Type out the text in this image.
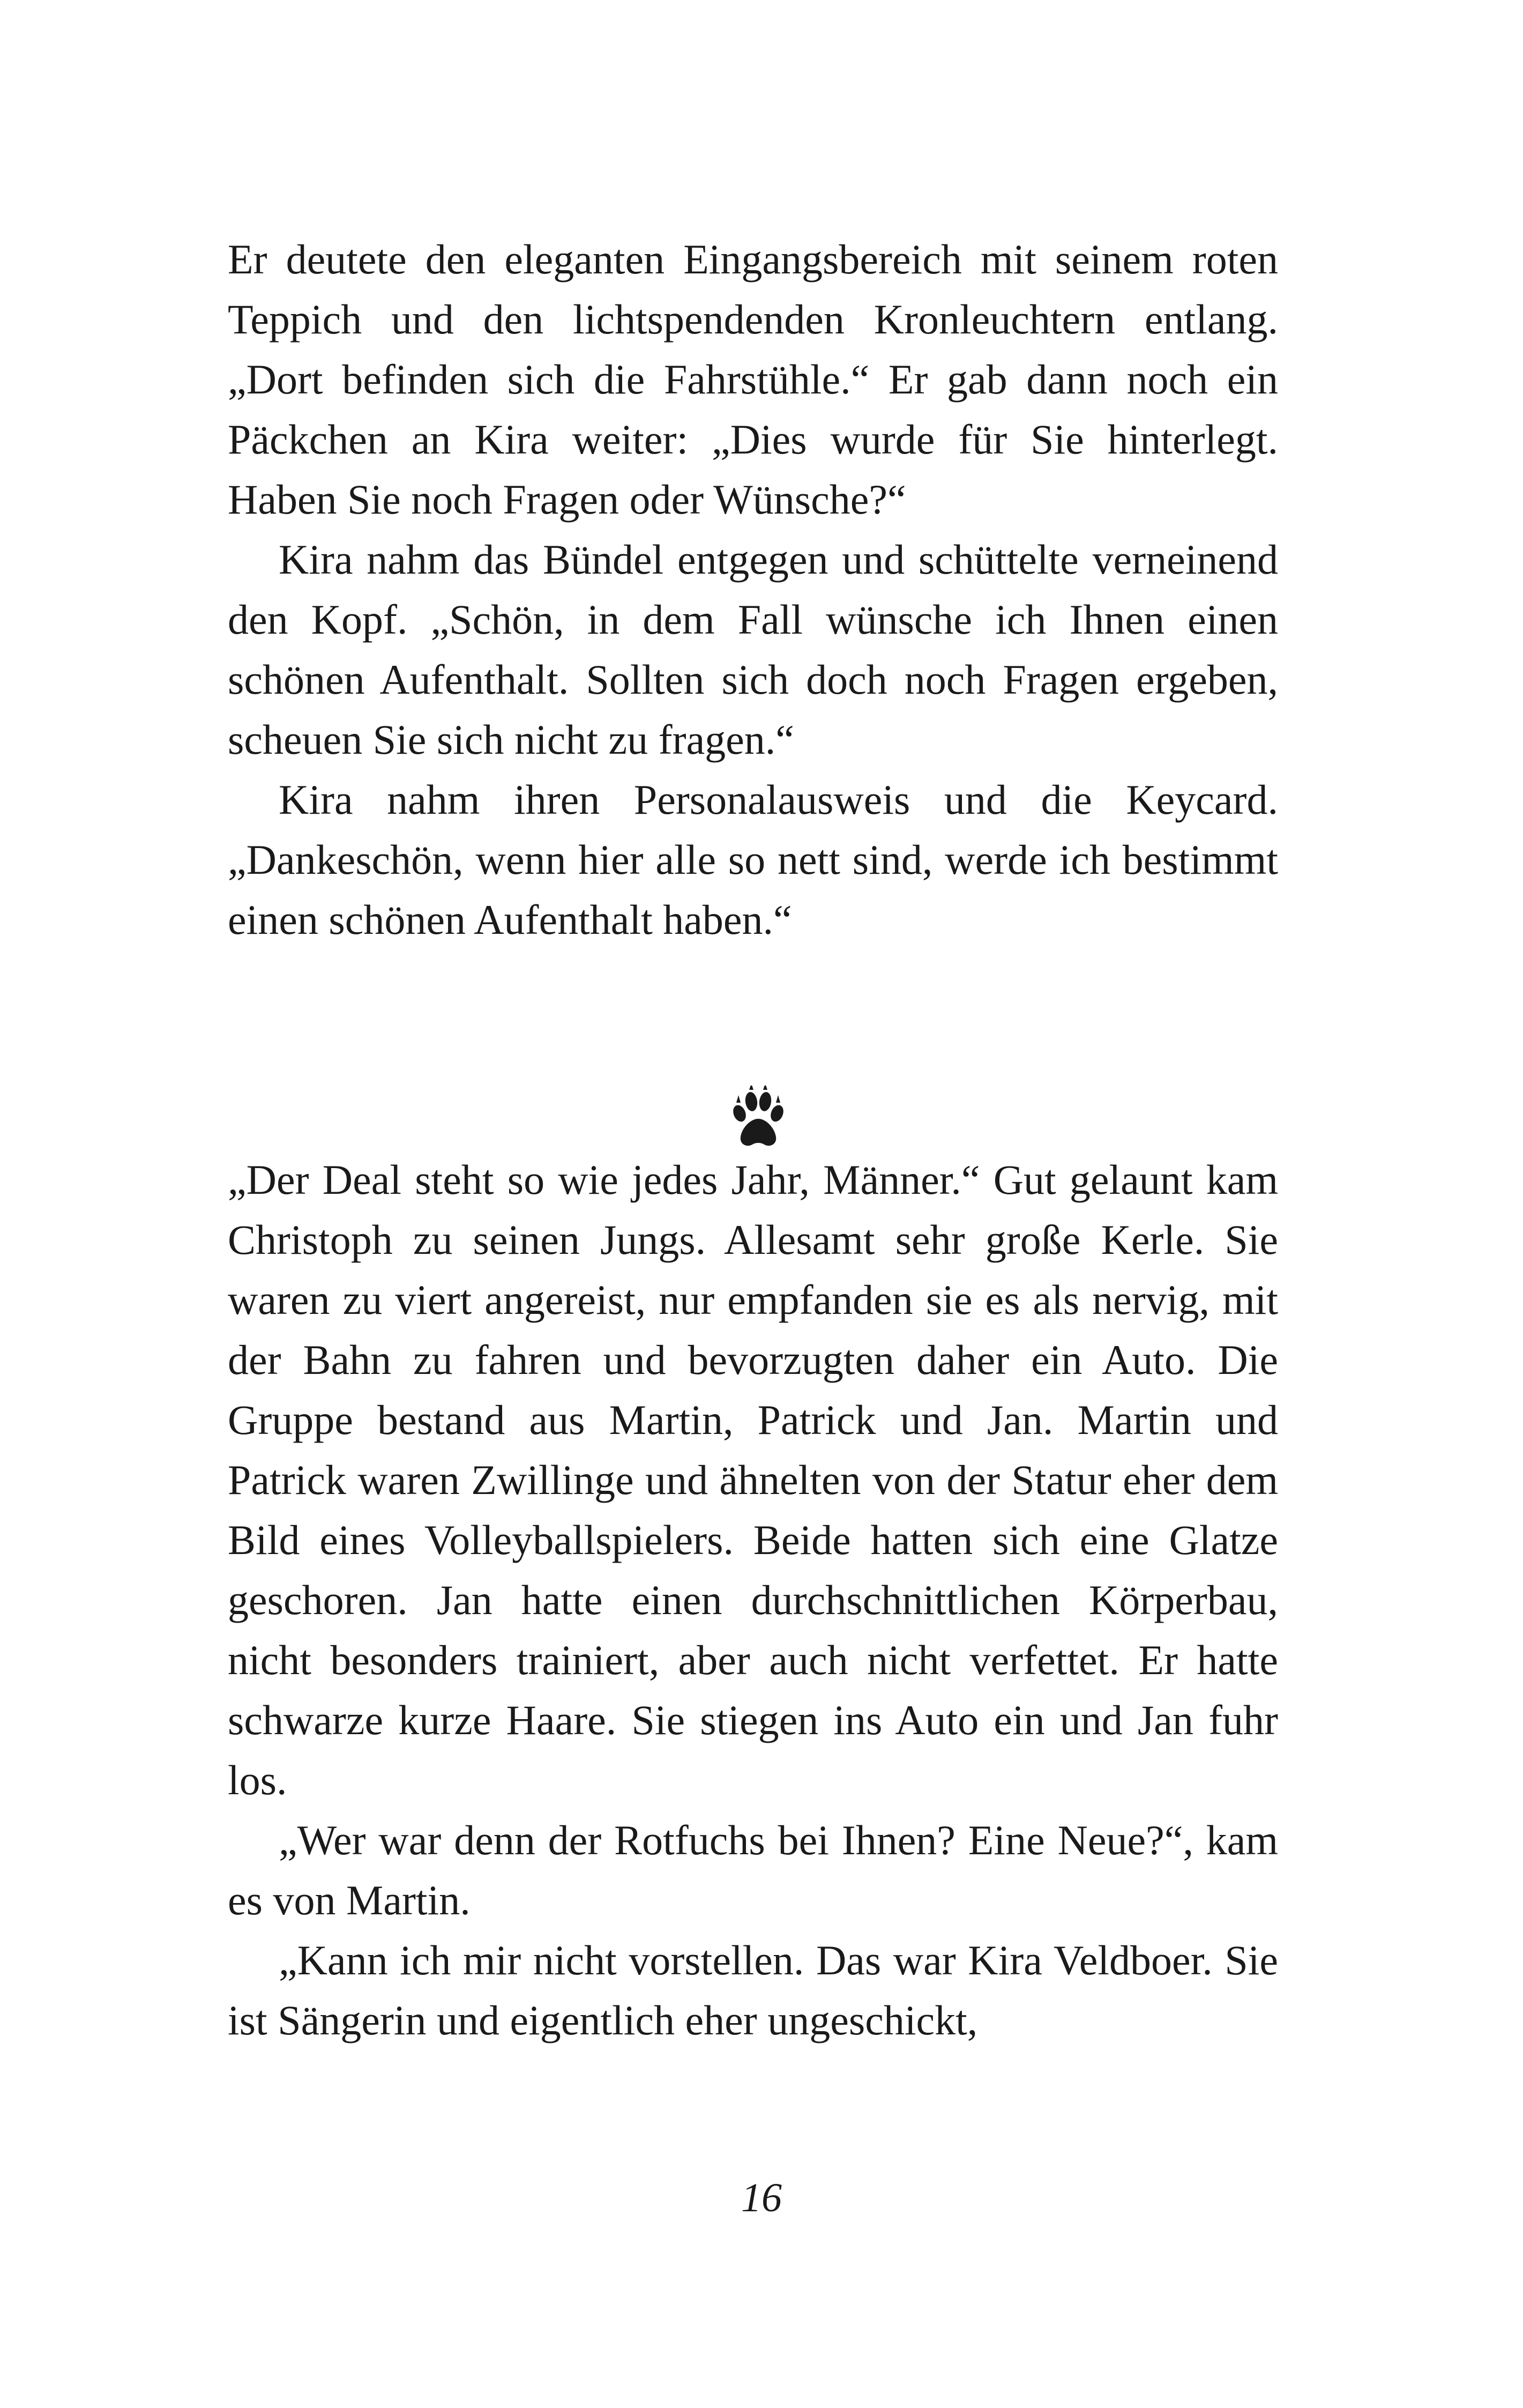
Er deutete den eleganten Eingangsbereich mit seinem roten Teppich und den lichtspendenden Kronleuchtern entlang. „Dort befinden sich die Fahrstühle.“ Er gab dann noch ein Päckchen an Kira weiter: „Dies wurde für Sie hinterlegt. Haben Sie noch Fragen oder Wünsche?“

Kira nahm das Bündel entgegen und schüttelte verneinend den Kopf. „Schön, in dem Fall wünsche ich Ihnen einen schönen Aufenthalt. Sollten sich doch noch Fragen ergeben, scheuen Sie sich nicht zu fragen.“

Kira nahm ihren Personalausweis und die Keycard. „Dankeschön, wenn hier alle so nett sind, werde ich bestimmt einen schönen Aufenthalt haben.“

„Der Deal steht so wie jedes Jahr, Männer.“ Gut gelaunt kam Christoph zu seinen Jungs. Allesamt sehr große Kerle. Sie waren zu viert angereist, nur empfanden sie es als nervig, mit der Bahn zu fahren und bevorzugten daher ein Auto. Die Gruppe bestand aus Martin, Patrick und Jan. Martin und Patrick waren Zwillinge und ähnelten von der Statur eher dem Bild eines Volleyballspielers. Beide hatten sich eine Glatze geschoren. Jan hatte einen durchschnittlichen Körperbau, nicht besonders trainiert, aber auch nicht verfettet. Er hatte schwarze kurze Haare. Sie stiegen ins Auto ein und Jan fuhr los.

„Wer war denn der Rotfuchs bei Ihnen? Eine Neue?“, kam es von Martin.

„Kann ich mir nicht vorstellen. Das war Kira Veldboer. Sie ist Sängerin und eigentlich eher ungeschickt,

16
